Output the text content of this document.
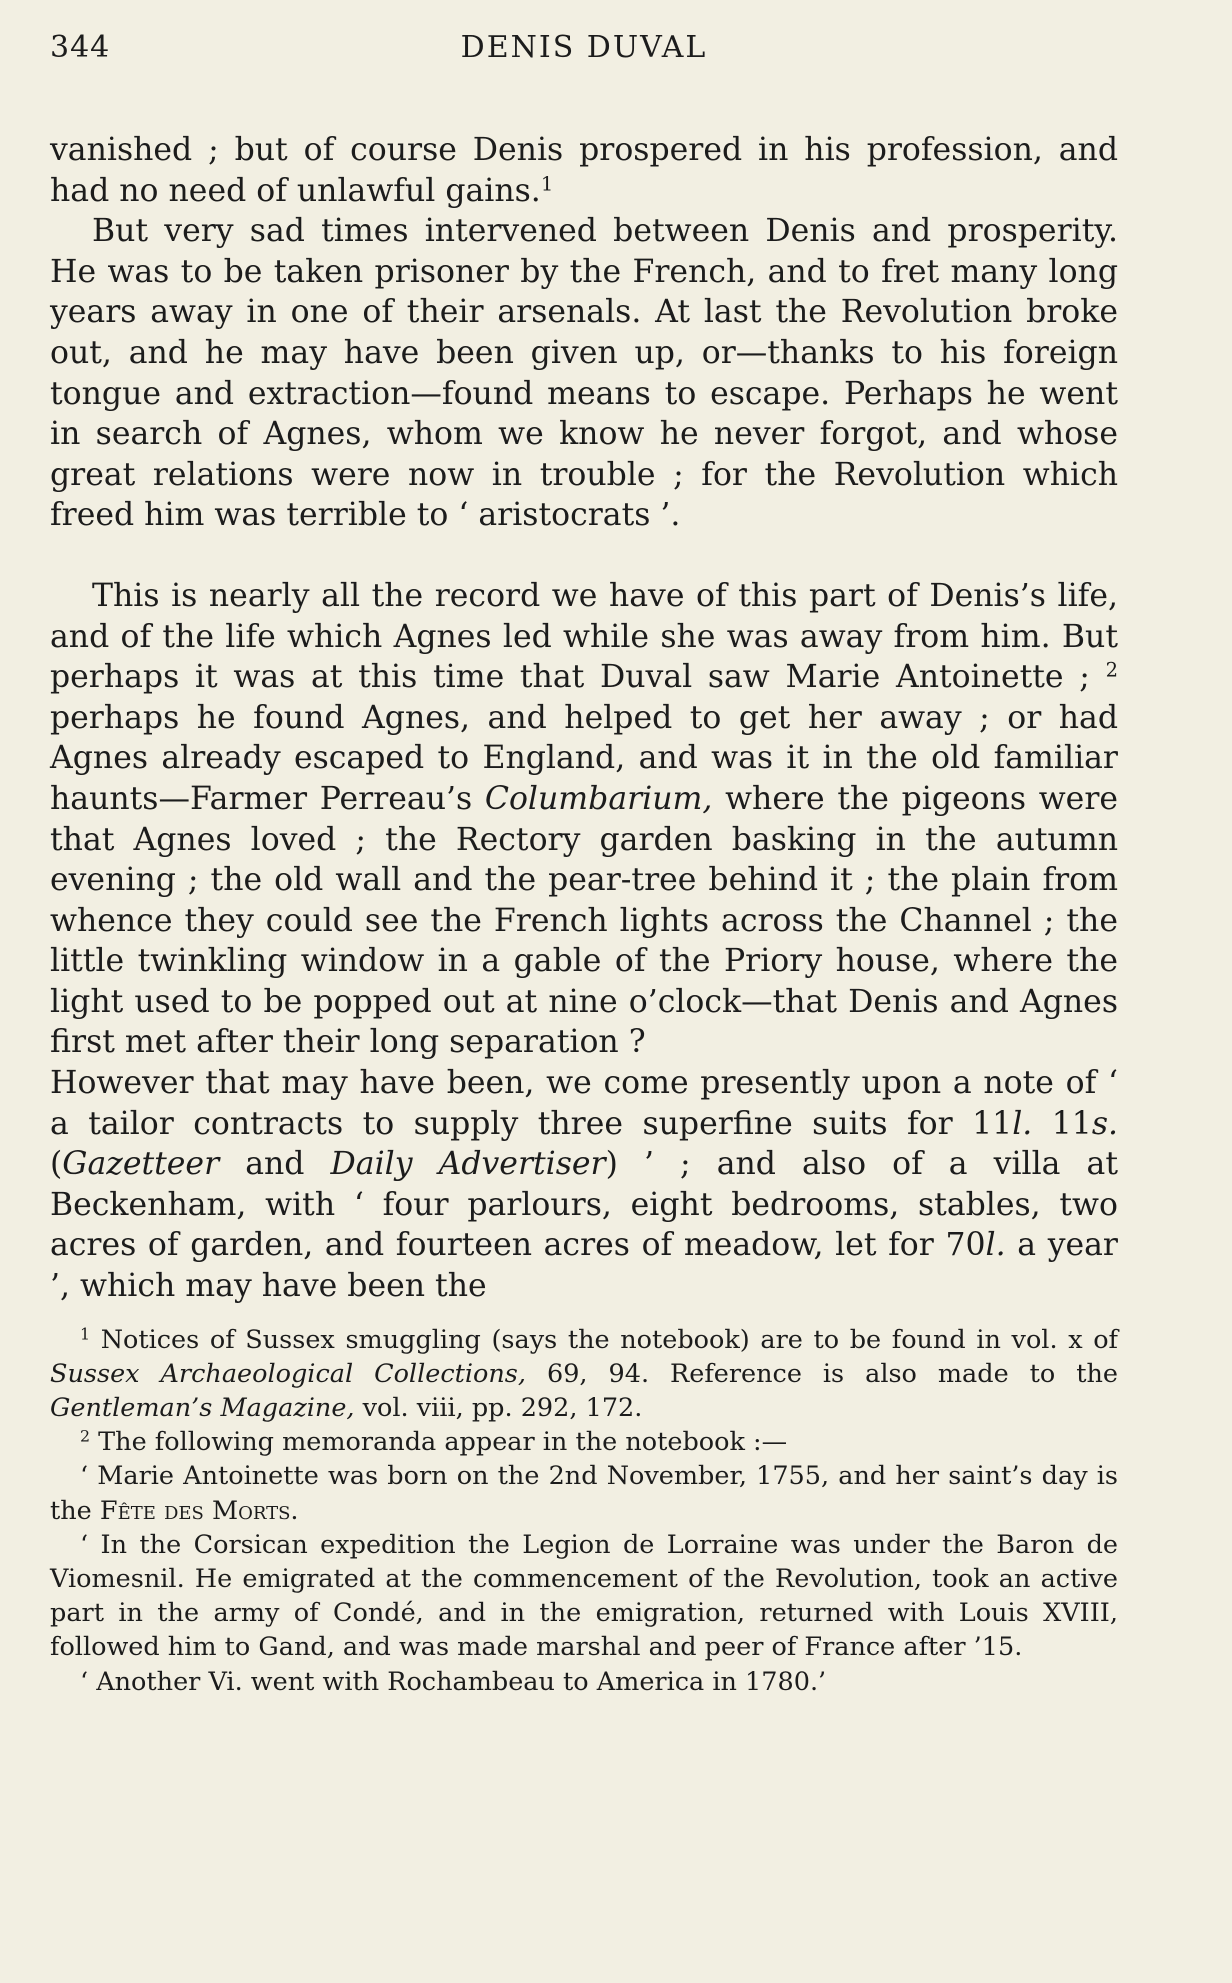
344	DENIS DUVAL

vanished ; but of course Denis prospered in his profession, and had no need of unlawful gains.$^1$

But very sad times intervened between Denis and prosperity. He was to be taken prisoner by the French, and to fret many long years away in one of their arsenals. At last the Revolution broke out, and he may have been given up, or—thanks to his foreign tongue and extraction—found means to escape. Perhaps he went in search of Agnes, whom we know he never forgot, and whose great relations were now in trouble ; for the Revolution which freed him was terrible to ‘ aristocrats ’.

This is nearly all the record we have of this part of Denis’s life, and of the life which Agnes led while she was away from him. But perhaps it was at this time that Duval saw Marie Antoinette ; $^2$ perhaps he found Agnes, and helped to get her away ; or had Agnes already escaped to England, and was it in the old familiar haunts—Farmer Perreau’s Columbarium, where the pigeons were that Agnes loved ; the Rectory garden basking in the autumn evening ; the old wall and the pear-tree behind it ; the plain from whence they could see the French lights across the Channel ; the little twinkling window in a gable of the Priory house, where the light used to be popped out at nine o’clock—that Denis and Agnes first met after their long separation ?

However that may have been, we come presently upon a note of ‘ a tailor contracts to supply three superfine suits for 11l. 11s. (Gazetteer and Daily Advertiser) ’ ; and also of a villa at Beckenham, with ‘ four parlours, eight bedrooms, stables, two acres of garden, and fourteen acres of meadow, let for 70l. a year ’, which may have been the

$^1$ Notices of Sussex smuggling (says the notebook) are to be found in vol. x of Sussex Archaeological Collections, 69, 94. Reference is also made to the Gentleman’s Magazine, vol. viii, pp. 292, 172.

$^2$ The following memoranda appear in the notebook :—

‘ Marie Antoinette was born on the 2nd November, 1755, and her saint’s day is the Fête des Morts.

‘ In the Corsican expedition the Legion de Lorraine was under the Baron de Viomesnil. He emigrated at the commencement of the Revolution, took an active part in the army of Condé, and in the emigration, returned with Louis XVIII, followed him to Gand, and was made marshal and peer of France after ’15.

‘ Another Vi. went with Rochambeau to America in 1780.’
